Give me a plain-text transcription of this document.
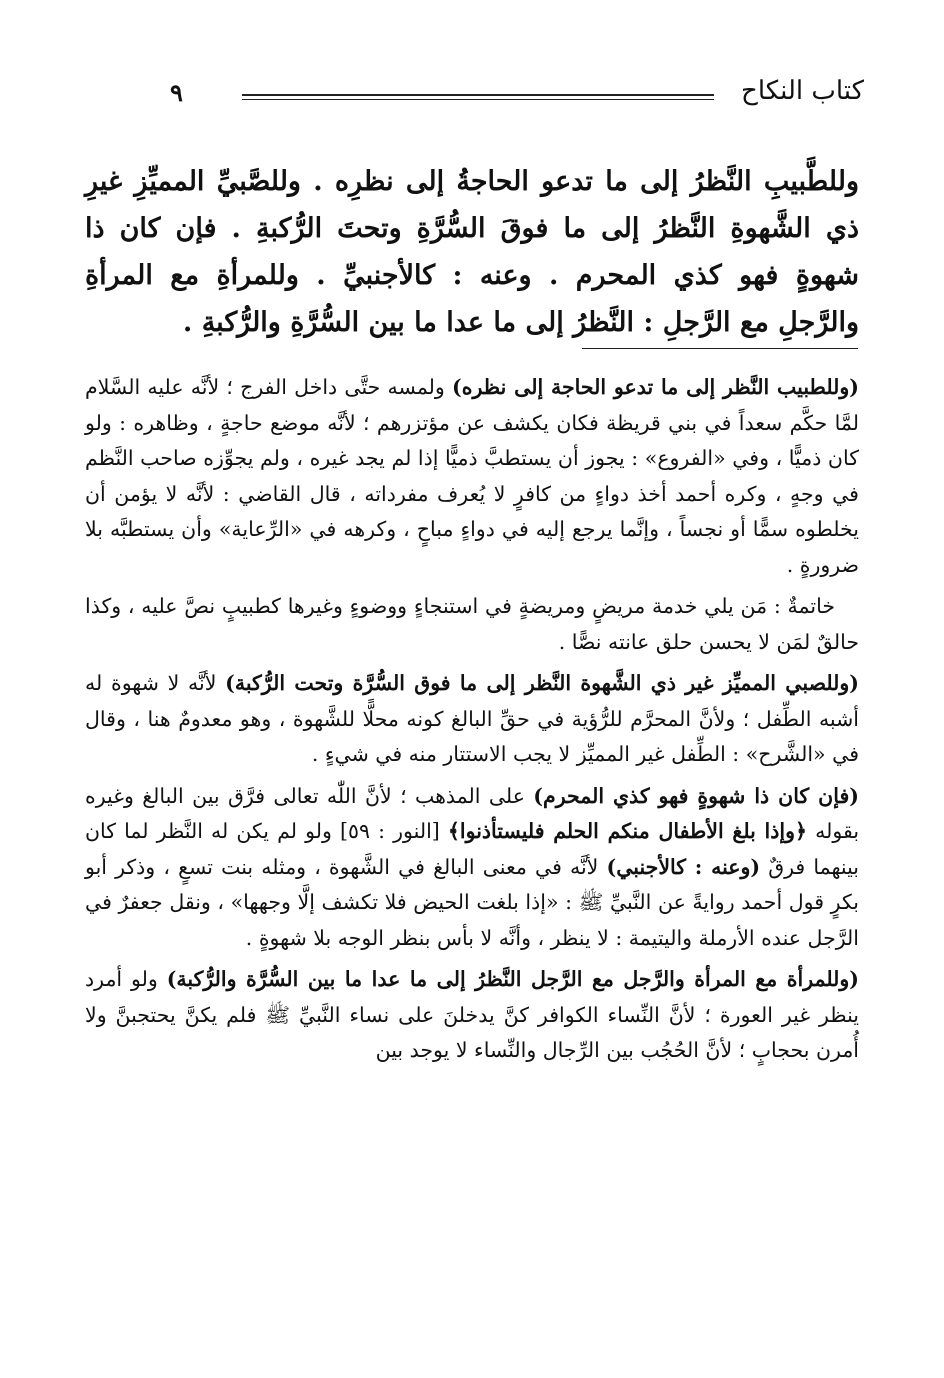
٩	كتاب النكاح

وللطَّبيبِ النَّظرُ إلى ما تدعو الحاجةُ إلى نظرِه . وللصَّبيِّ المميِّزِ غيرِ ذي الشَّهوةِ النَّظرُ إلى ما فوقَ السُّرَّةِ وتحتَ الرُّكبةِ . فإن كان ذا شهوةٍ فهو كذي المحرم . وعنه : كالأجنبيِّ . وللمرأةِ مع المرأةِ والرَّجلِ مع الرَّجلِ : النَّظرُ إلى ما عدا ما بين السُّرَّةِ والرُّكبةِ .

(وللطبيب النَّظر إلى ما تدعو الحاجة إلى نظره) ولمسه حتَّى داخل الفرج ؛ لأنَّه عليه السَّلام لمَّا حكَّم سعداً في بني قريظة فكان يكشف عن مؤتزرهم ؛ لأنَّه موضع حاجةٍ ، وظاهره : ولو كان ذميًّا ، وفي «الفروع» : يجوز أن يستطبَّ ذميًّا إذا لم يجد غيره ، ولم يجوِّزه صاحب النَّظم في وجهٍ ، وكره أحمد أخذ دواءٍ من كافرٍ لا يُعرف مفرداته ، قال القاضي : لأنَّه لا يؤمن أن يخلطوه سمًّا أو نجساً ، وإنَّما يرجع إليه في دواءٍ مباحٍ ، وكرهه في «الرِّعاية» وأن يستطبَّه بلا ضرورةٍ .

خاتمةٌ : مَن يلي خدمة مريضٍ ومريضةٍ في استنجاءٍ ووضوءٍ وغيرها كطبيبٍ نصَّ عليه ، وكذا حالقٌ لمَن لا يحسن حلق عانته نصًّا .

(وللصبي المميِّز غير ذي الشَّهوة النَّظر إلى ما فوق السُّرَّة وتحت الرُّكبة) لأنَّه لا شهوة له أشبه الطِّفل ؛ ولأنَّ المحرَّم للرُّؤية في حقِّ البالغ كونه محلًّا للشَّهوة ، وهو معدومٌ هنا ، وقال في «الشَّرح» : الطِّفل غير المميِّز لا يجب الاستتار منه في شيءٍ .

(فإن كان ذا شهوةٍ فهو كذي المحرم) على المذهب ؛ لأنَّ اللّٰه تعالى فرَّق بين البالغ وغيره بقوله ﴿وإذا بلغ الأطفال منكم الحلم فليستأذنوا﴾ [النور : ٥٩] ولو لم يكن له النَّظر لما كان بينهما فرقٌ (وعنه : كالأجنبي) لأنَّه في معنى البالغ في الشَّهوة ، ومثله بنت تسعٍ ، وذكر أبو بكرٍ قول أحمد روايةً عن النَّبيِّ ﷺ : «إذا بلغت الحيض فلا تكشف إلَّا وجهها» ، ونقل جعفرٌ في الرَّجل عنده الأرملة واليتيمة : لا ينظر ، وأنَّه لا بأس بنظر الوجه بلا شهوةٍ .

(وللمرأة مع المرأة والرَّجل مع الرَّجل النَّظرُ إلى ما عدا ما بين السُّرَّة والرُّكبة) ولو أمرد ينظر غير العورة ؛ لأنَّ النِّساء الكوافر كنَّ يدخلنَ على نساء النَّبيِّ ﷺ فلم يكنَّ يحتجبنَّ ولا أُمرن بحجابٍ ؛ لأنَّ الحُجُب بين الرِّجال والنِّساء لا يوجد بين
